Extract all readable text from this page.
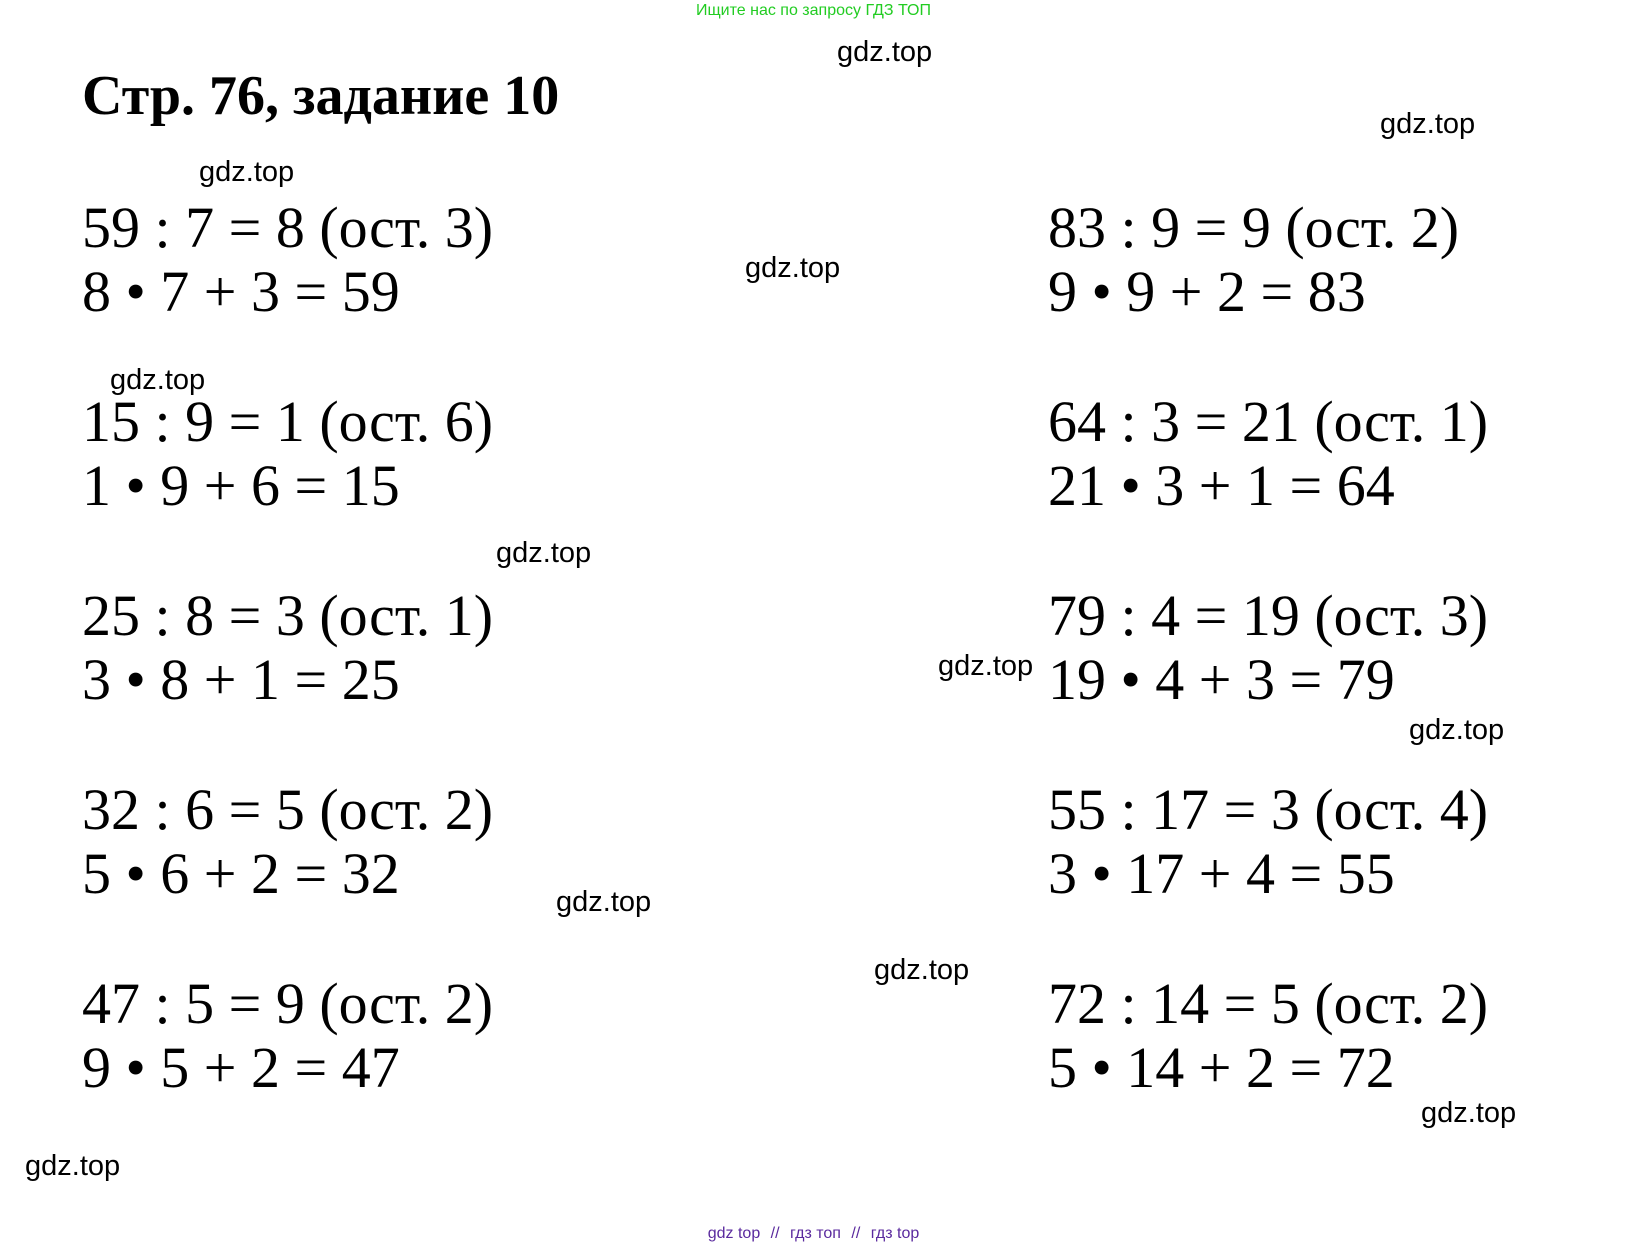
Ищите нас по запросу ГДЗ ТОП
Стр. 76, задание 10
59 : 7 = 8 (ост. 3)
8 • 7 + 3 = 59
15 : 9 = 1 (ост. 6)
1 • 9 + 6 = 15
25 : 8 = 3 (ост. 1)
3 • 8 + 1 = 25
32 : 6 = 5 (ост. 2)
5 • 6 + 2 = 32
47 : 5 = 9 (ост. 2)
9 • 5 + 2 = 47
83 : 9 = 9 (ост. 2)
9 • 9 + 2 = 83
64 : 3 = 21 (ост. 1)
21 • 3 + 1 = 64
79 : 4 = 19 (ост. 3)
19 • 4 + 3 = 79
55 : 17 = 3 (ост. 4)
3 • 17 + 4 = 55
72 : 14 = 5 (ост. 2)
5 • 14 + 2 = 72
gdz.top
gdz.top
gdz.top
gdz.top
gdz.top
gdz.top
gdz.top
gdz.top
gdz.top
gdz.top
gdz.top
gdz.top
gdz top // гдз топ // гдз top
